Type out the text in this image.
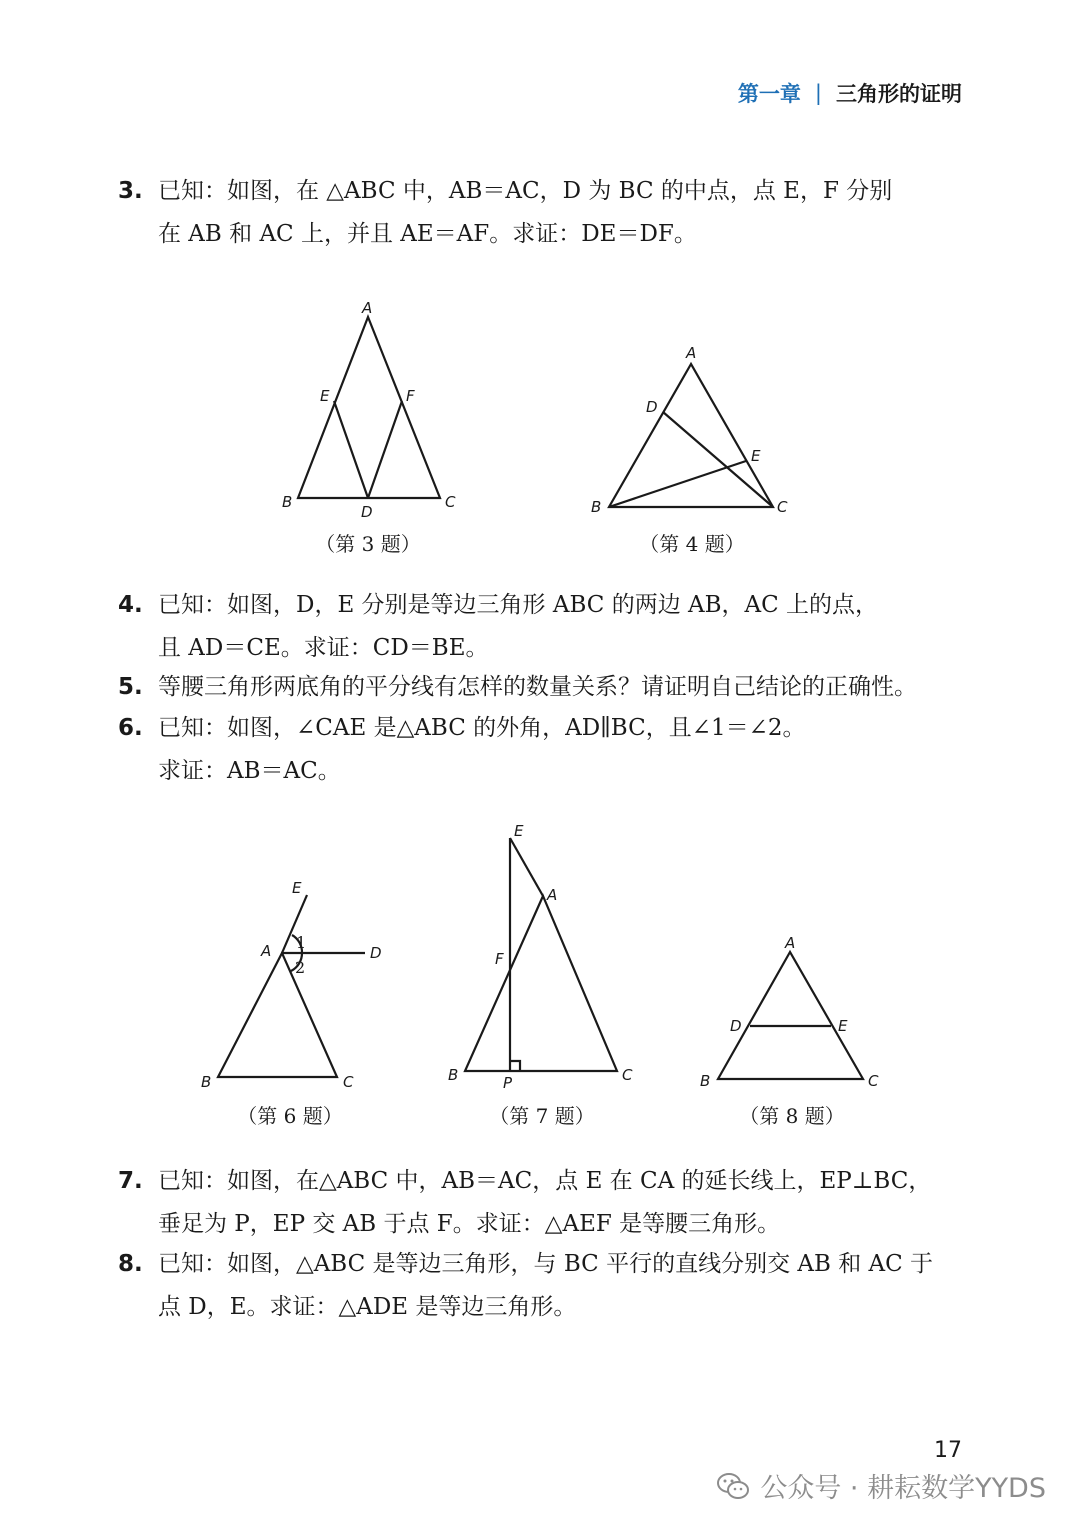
第一章 | 三角形的证明
3. 已知：如图，在 △ABC 中，AB＝AC，D 为 BC 的中点，点 E，F 分别
在 AB 和 AC 上，并且 AE＝AF。求证：DE＝DF。
A
B	C
D
E	F
（第 3 题）
A
B	C
D
E
（第 4 题）
4. 已知：如图，D，E 分别是等边三角形 ABC 的两边 AB，AC 上的点，
且 AD＝CE。求证：CD＝BE。
5. 等腰三角形两底角的平分线有怎样的数量关系？请证明自己结论的正确性。
6. 已知：如图，∠CAE 是△ABC 的外角，AD∥BC，且∠1＝∠2。
求证：AB＝AC。
E
A	D
B	C
1
2
（第 6 题）
E
A
F
B	P	C
（第 7 题）
A
D	E
B	C
（第 8 题）
7. 已知：如图，在△ABC 中，AB＝AC，点 E 在 CA 的延长线上，EP⊥BC，
垂足为 P，EP 交 AB 于点 F。求证：△AEF 是等腰三角形。
8. 已知：如图，△ABC 是等边三角形，与 BC 平行的直线分别交 AB 和 AC 于
点 D，E。求证：△ADE 是等边三角形。
17
公众号 · 耕耘数学YYDS
